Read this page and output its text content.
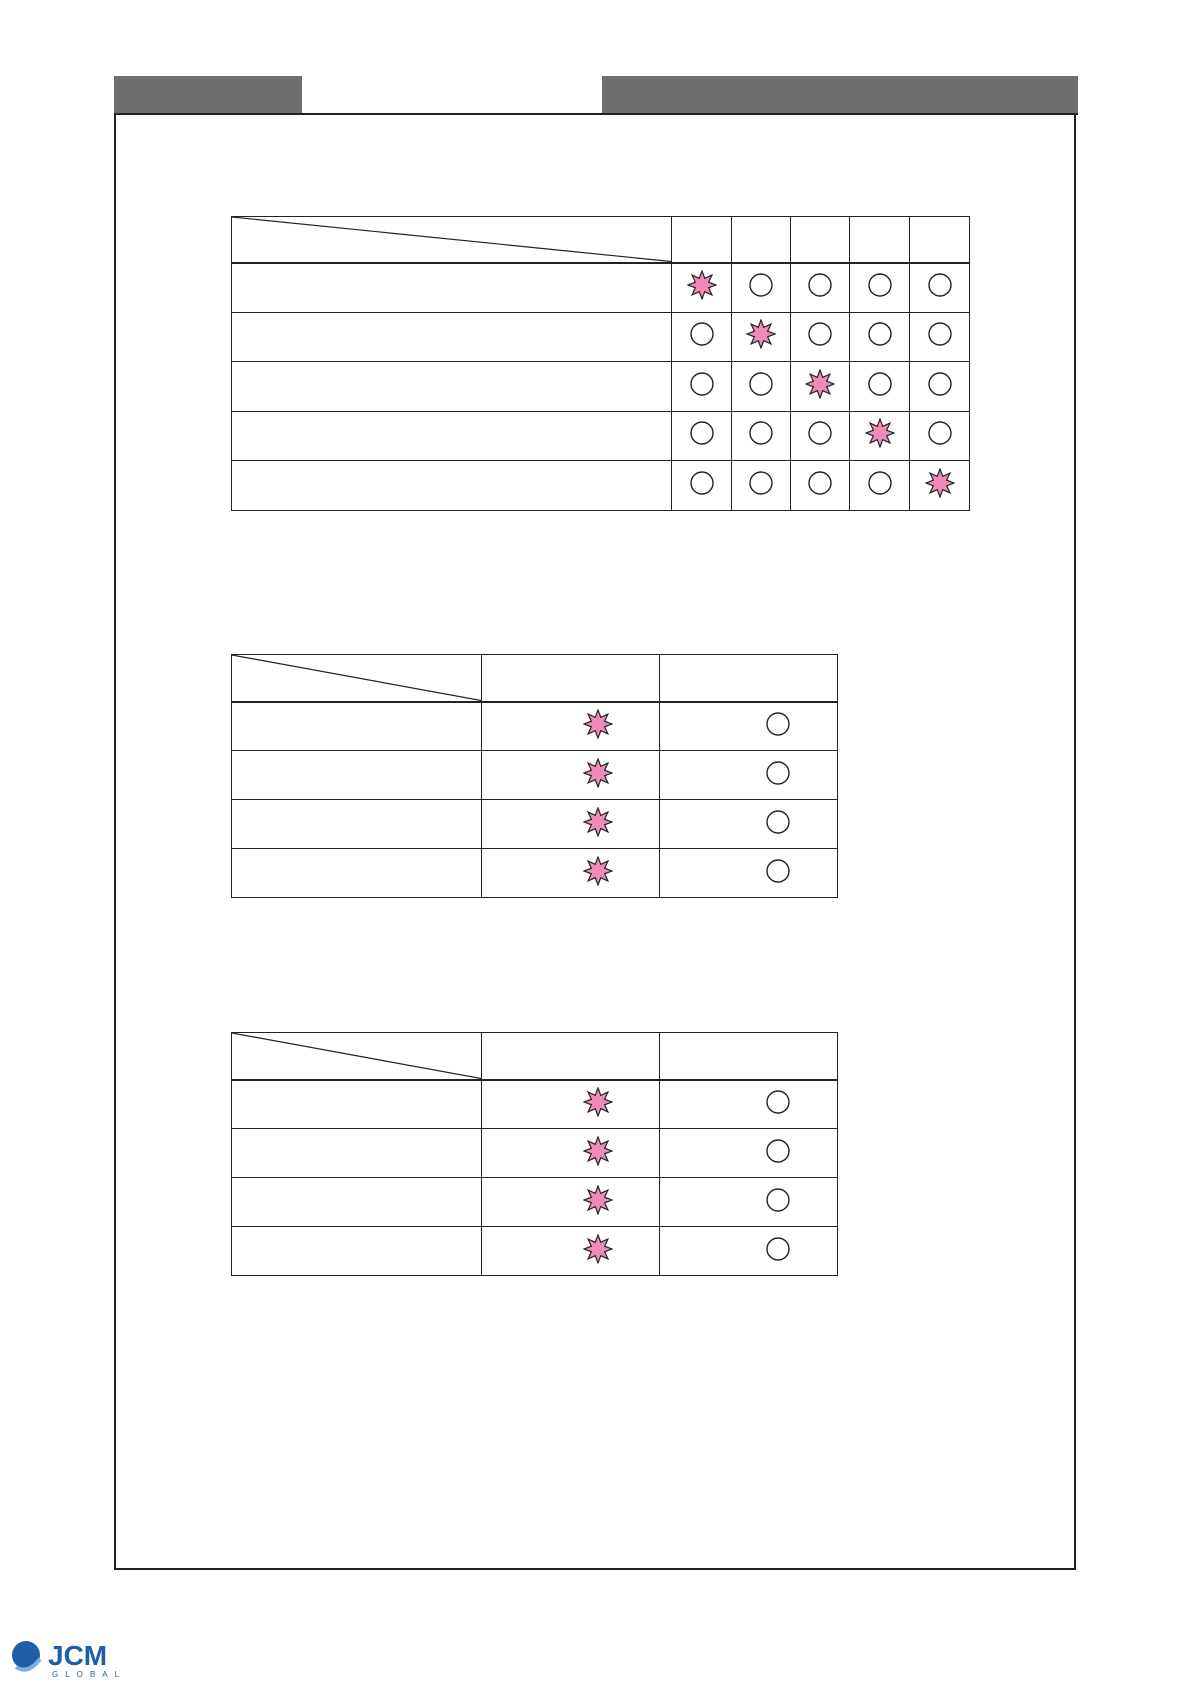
JCM
GLOBAL
